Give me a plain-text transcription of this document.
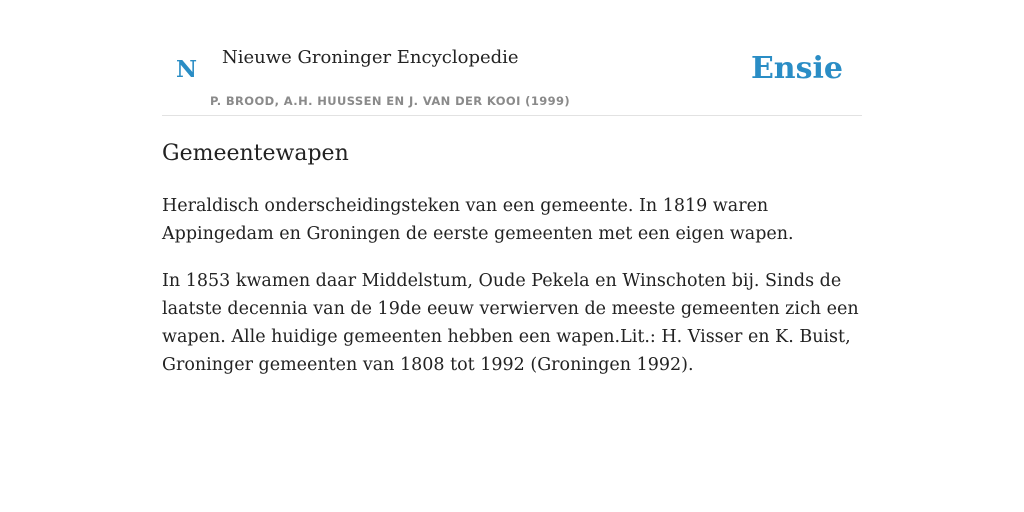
N Nieuwe Groninger Encyclopedie
P. BROOD, A.H. HUUSSEN EN J. VAN DER KOOI (1999)
Ensie
Gemeentewapen

Heraldisch onderscheidingsteken van een gemeente. In 1819 waren Appingedam en Groningen de eerste gemeenten met een eigen wapen.

In 1853 kwamen daar Middelstum, Oude Pekela en Winschoten bij. Sinds de laatste decennia van de 19de eeuw verwierven de meeste gemeenten zich een wapen. Alle huidige gemeenten hebben een wapen.Lit.: H. Visser en K. Buist, Groninger gemeenten van 1808 tot 1992 (Groningen 1992).
